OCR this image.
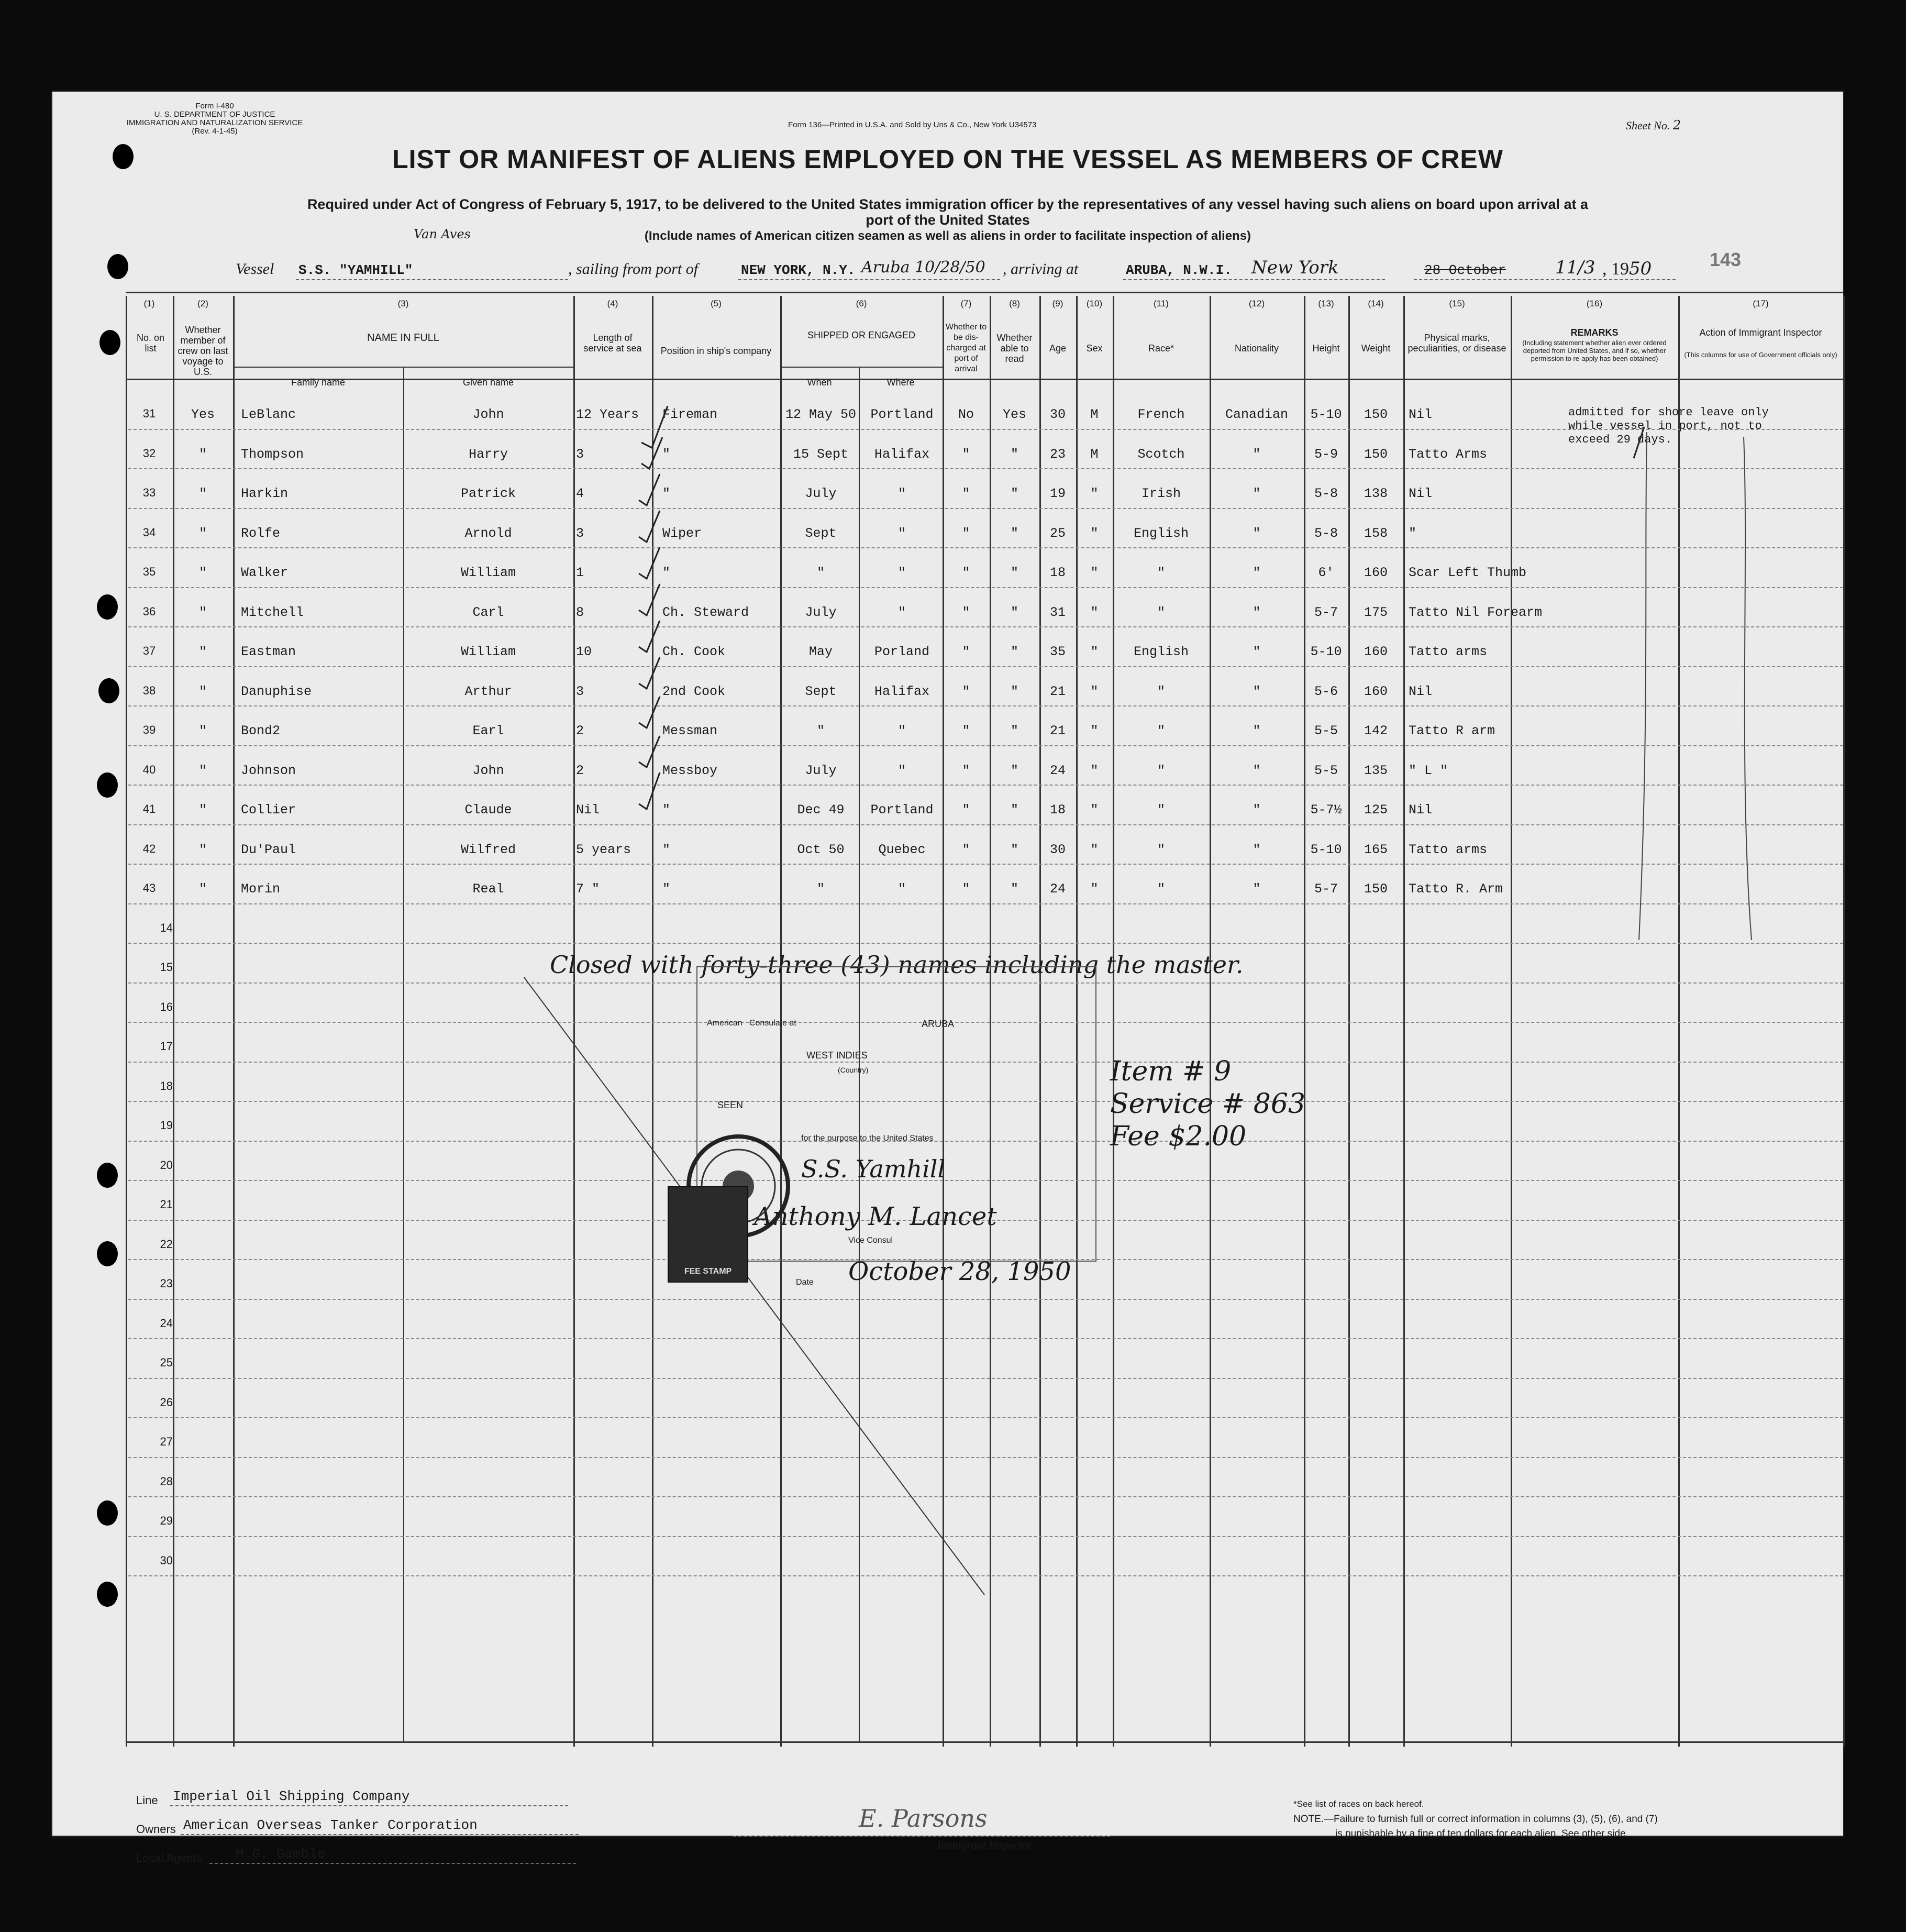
Form I-480
U. S. DEPARTMENT OF JUSTICE
IMMIGRATION AND NATURALIZATION SERVICE
(Rev. 4-1-45)
Form 136—Printed in U.S.A. and Sold by Uns & Co., New York U34573	Sheet No. 2
LIST OR MANIFEST OF ALIENS EMPLOYED ON THE VESSEL AS MEMBERS OF CREW
Required under Act of Congress of February 5, 1917, to be delivered to the United States immigration officer by the representatives of any vessel having such aliens on board upon arrival at a
port of the United States
(Include names of American citizen seamen as well as aliens in order to facilitate inspection of aliens)
Vessel
Van Aves
S.S. "YAMHILL"	, sailing from port of	NEW YORK, N.Y. Aruba 10/28/50 , arriving at	ARUBA, N.W.I. New York	28 October	11/3 , 1950	143
(1)	(2)	(3)	(4)	(5)	(6)	(7)	(8)	(9)	(10)	(11)	(12)	(13)	(14)	(15)	(16)	(17)
No. on list
Whether member of crew on last voyage to U.S.
NAME IN FULL
Family name	Given name
Length of service at sea	Position in ship's company
SHIPPED OR ENGAGED
When	Where
Whether to be dis-charged at port of arrival
Whether able to read
Age	Sex	Race*	Nationality	Height	Weight
Physical marks, peculiarities, or disease
REMARKS
(Including statement whether alien ever ordered deported from United States, and if so, whether permission to re-apply has been obtained)
Action of Immigrant Inspector
(This columns for use of Government officials only)
31	Yes	LeBlanc	John	12 Years	Fireman	12 May 50	Portland	No	Yes	30	M	French	Canadian	5-10	150	Nil
32	"	Thompson	Harry	3	"	15 Sept	Halifax	"	"	23	M	Scotch	"	5-9	150	Tatto Arms
33	"	Harkin	Patrick	4	"	July	"	"	"	19	"	Irish	"	5-8	138	Nil
34	"	Rolfe	Arnold	3	Wiper	Sept	"	"	"	25	"	English	"	5-8	158	"
35	"	Walker	William	1	"	"	"	"	"	18	"	"	"	6'	160	Scar Left Thumb
36	"	Mitchell	Carl	8	Ch. Steward	July	"	"	"	31	"	"	"	5-7	175	Tatto Nil Forearm
37	"	Eastman	William	10	Ch. Cook	May	Porland	"	"	35	"	English	"	5-10	160	Tatto arms
38	"	Danuphise	Arthur	3	2nd Cook	Sept	Halifax	"	"	21	"	"	"	5-6	160	Nil
39	"	Bond2	Earl	2	Messman	"	"	"	"	21	"	"	"	5-5	142	Tatto R arm
40	"	Johnson	John	2	Messboy	July	"	"	"	24	"	"	"	5-5	135	" L "
41	"	Collier	Claude	Nil	"	Dec 49	Portland	"	"	18	"	"	"	5-7½	125	Nil
42	"	Du'Paul	Wilfred	5 years	"	Oct 50	Quebec	"	"	30	"	"	"	5-10	165	Tatto arms
43	"	Morin	Real	7 "	"	"	"	"	"	24	"	"	"	5-7	150	Tatto R. Arm
14
15
16
17
18
19
20
21
22
23
24
25
26
27
28
29
30
admitted for shore leave only while vessel in port, not to exceed 29 days.
Closed with forty-three (43) names including the master.
American Consulate at	ARUBA
WEST INDIES
(Country)
SEEN
for the purpose to the United States
S.S. Yamhill
Anthony M. Lancet
Vice Consul
Date October 28, 1950
FEE STAMP
Item # 9
Service # 863
Fee $2.00
Line Imperial Oil Shipping Company
Owners American Overseas Tanker Corporation
Local Agents M.G. Gamble
E. Parsons
Immigrant Inspector.
*See list of races on back hereof.
NOTE.—Failure to furnish full or correct information in columns (3), (5), (6), and (7)
is punishable by a fine of ten dollars for each alien. See other side.
